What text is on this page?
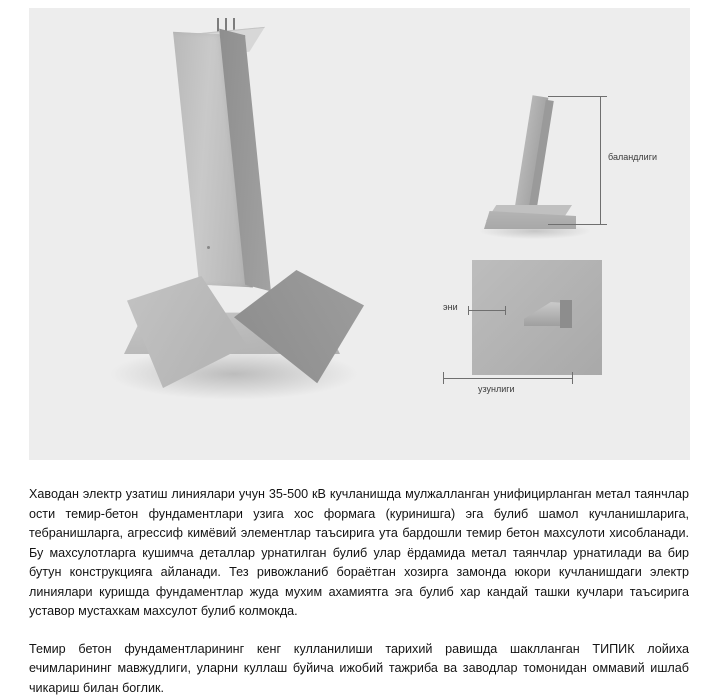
баландлиги
эни
узунлиги

Хаводан электр узатиш линиялари учун 35-500 кВ кучланишда мулжалланган унифицирланган метал таянчлар ости темир-бетон фундаментлари узига хос формага (куринишга) эга булиб шамол кучланишларига, тебранишларга, агрессиф кимёвий элементлар таъсирига ута бардошли темир бетон махсулоти хисобланади. Бу махсулотларга кушимча деталлар урнатилган булиб улар ёрдамида метал таянчлар урнатилади ва бир бутун конструкцияга айланади. Тез ривожланиб бораётган хозирга замонда юкори кучланишдаги электр линиялари куришда фундаментлар жуда мухим ахамиятга эга булиб хар кандай ташки кучлари таъсирига уставор мустахкам махсулот булиб колмокда.

Темир бетон фундаментларининг кенг кулланилиши тарихий равишда шаклланган ТИПИК лойиха ечимларининг мавжудлиги, уларни куллаш буйича ижобий тажриба ва заводлар томонидан оммавий ишлаб чикариш билан боглик.
